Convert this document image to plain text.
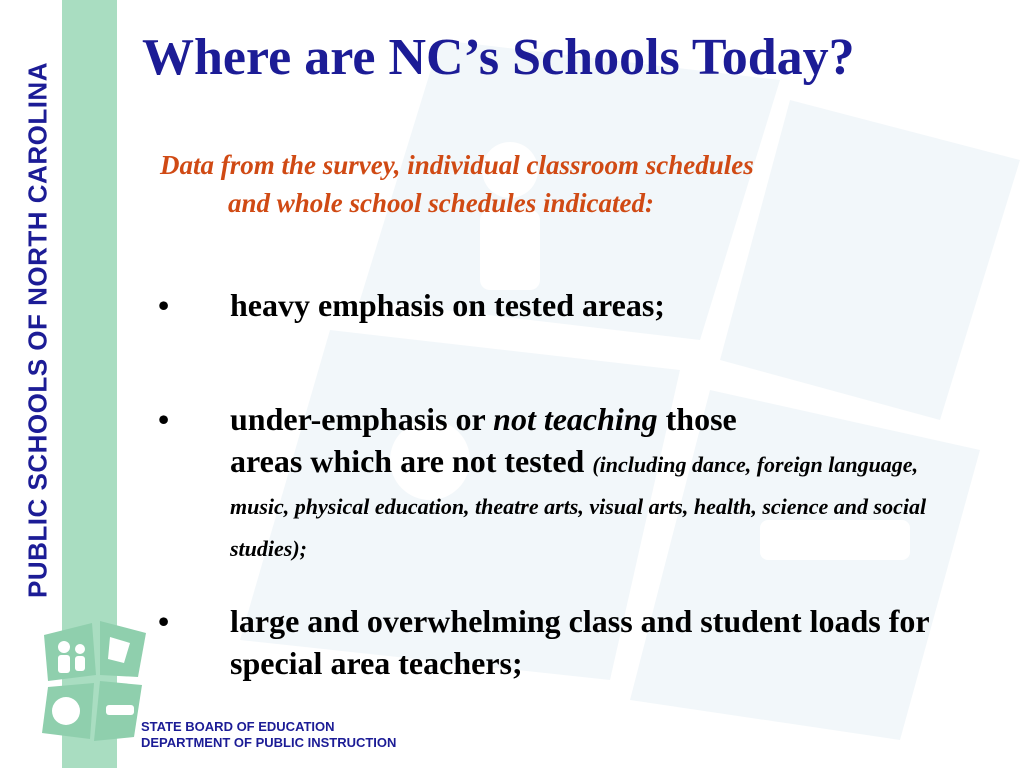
PUBLIC SCHOOLS OF NORTH CAROLINA
Where are NC’s Schools Today?

Data from the survey, individual classroom schedules
and whole school schedules indicated:

•	heavy emphasis on tested areas;
•	under-emphasis or not teaching those
areas which are not tested (including dance, foreign language, music, physical education, theatre arts, visual arts, health, science and social studies);
•	large and overwhelming class and student loads for special area teachers;
STATE BOARD OF EDUCATION
DEPARTMENT OF PUBLIC INSTRUCTION
